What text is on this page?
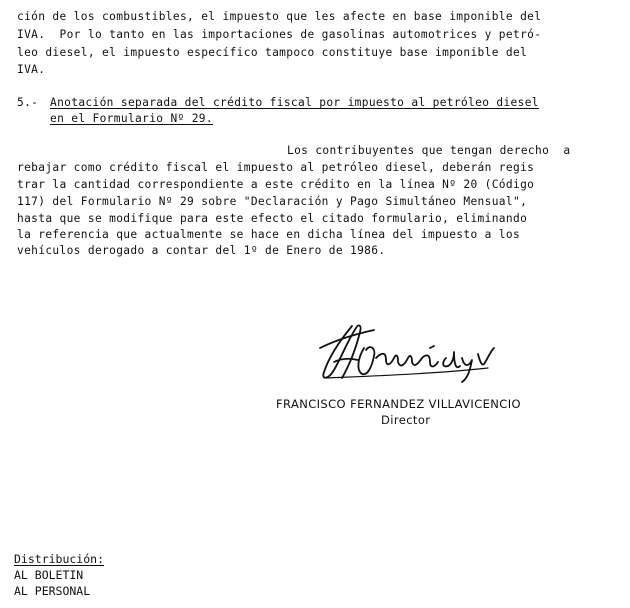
ción de los combustibles, el impuesto que les afecte en base imponible del
IVA.  Por lo tanto en las importaciones de gasolinas automotrices y petró-
leo diesel, el impuesto específico tampoco constituye base imponible del
IVA.
5.- Anotación separada del crédito fiscal por impuesto al petróleo diesel
en el Formulario Nº 29.
Los contribuyentes que tengan derecho  a
rebajar como crédito fiscal el impuesto al petróleo diesel, deberán regis
trar la cantidad correspondiente a este crédito en la línea Nº 20 (Código
117) del Formulario Nº 29 sobre "Declaración y Pago Simultáneo Mensual",
hasta que se modifique para este efecto el citado formulario, eliminando
la referencia que actualmente se hace en dicha línea del impuesto a los
vehículos derogado a contar del 1º de Enero de 1986.
FRANCISCO FERNANDEZ VILLAVICENCIO
Director
Distribución:
AL BOLETIN
AL PERSONAL
